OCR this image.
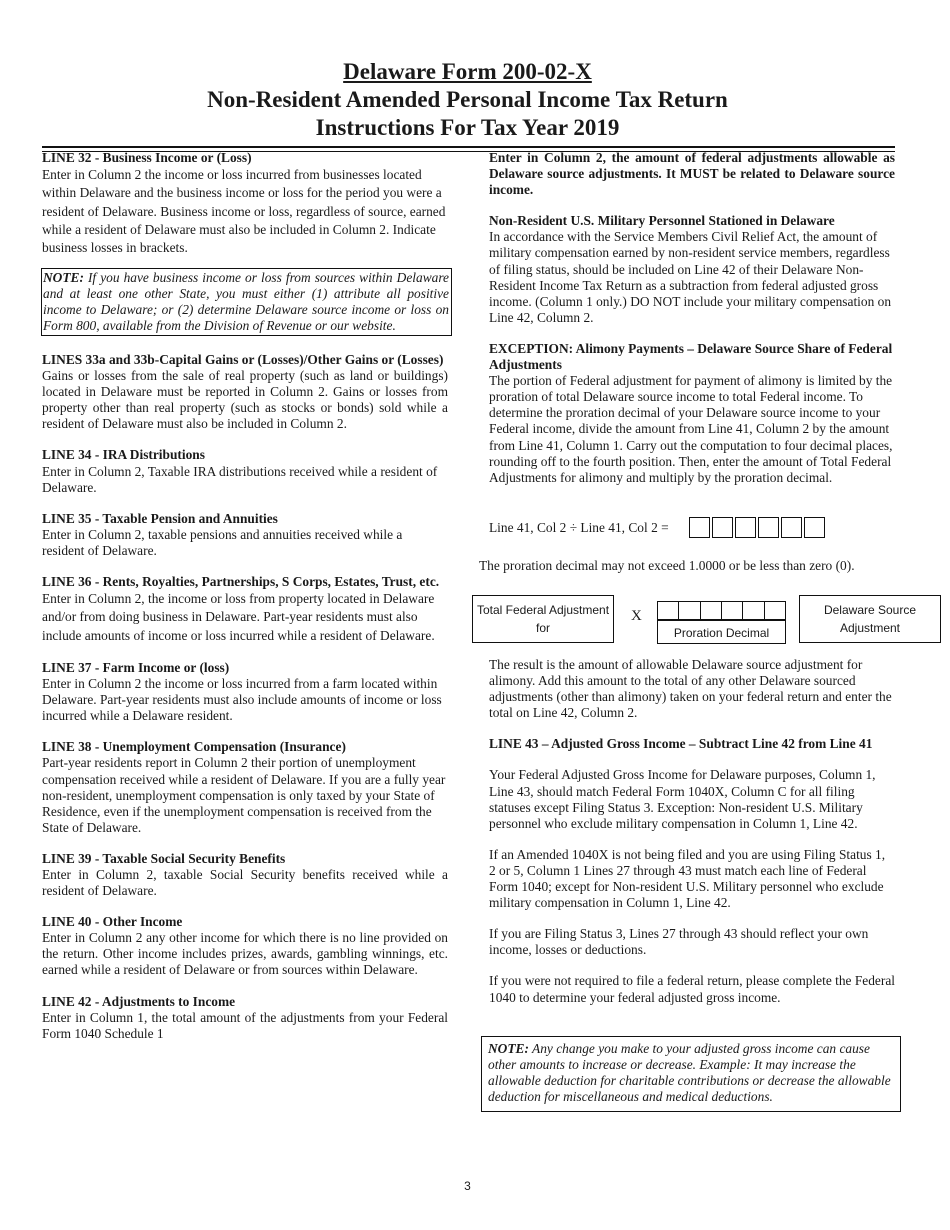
Delaware Form 200-02-X
Non-Resident Amended Personal Income Tax Return
Instructions For Tax Year 2019
LINE 32 - Business Income or (Loss)
Enter in Column 2 the income or loss incurred from businesses located within Delaware and the business income or loss for the period you were a resident of Delaware. Business income or loss, regardless of source, earned while a resident of Delaware must also be included in Column 2. Indicate business losses in brackets.
NOTE: If you have business income or loss from sources within Delaware and at least one other State, you must either (1) attribute all positive income to Delaware; or (2) determine Delaware source income or loss on Form 800, available from the Division of Revenue or our website.
LINES 33a and 33b-Capital Gains or (Losses)/Other Gains or (Losses)
Gains or losses from the sale of real property (such as land or buildings) located in Delaware must be reported in Column 2. Gains or losses from property other than real property (such as stocks or bonds) sold while a resident of Delaware must also be included in Column 2.
LINE 34 - IRA Distributions
Enter in Column 2, Taxable IRA distributions received while a resident of Delaware.
LINE 35 - Taxable Pension and Annuities
Enter in Column 2, taxable pensions and annuities received while a resident of Delaware.
LINE 36 - Rents, Royalties, Partnerships, S Corps, Estates, Trust, etc.
Enter in Column 2, the income or loss from property located in Delaware and/or from doing business in Delaware. Part-year residents must also include amounts of income or loss incurred while a resident of Delaware.
LINE 37 - Farm Income or (loss)
Enter in Column 2 the income or loss incurred from a farm located within Delaware. Part-year residents must also include amounts of income or loss incurred while a Delaware resident.
LINE 38 - Unemployment Compensation (Insurance)
Part-year residents report in Column 2 their portion of unemployment compensation received while a resident of Delaware. If you are a fully year non-resident, unemployment compensation is only taxed by your State of Residence, even if the unemployment compensation is received from the State of Delaware.
LINE 39 - Taxable Social Security Benefits
Enter in Column 2, taxable Social Security benefits received while a resident of Delaware.
LINE 40 - Other Income
Enter in Column 2 any other income for which there is no line provided on the return. Other income includes prizes, awards, gambling winnings, etc. earned while a resident of Delaware or from sources within Delaware.
LINE 42 - Adjustments to Income
Enter in Column 1, the total amount of the adjustments from your Federal Form 1040 Schedule 1
Enter in Column 2, the amount of federal adjustments allowable as Delaware source adjustments. It MUST be related to Delaware source income.
Non-Resident U.S. Military Personnel Stationed in Delaware
In accordance with the Service Members Civil Relief Act, the amount of military compensation earned by non-resident service members, regardless of filing status, should be included on Line 42 of their Delaware Non-Resident Income Tax Return as a subtraction from federal adjusted gross income. (Column 1 only.) DO NOT include your military compensation on Line 42, Column 2.
EXCEPTION: Alimony Payments – Delaware Source Share of Federal Adjustments
The portion of Federal adjustment for payment of alimony is limited by the proration of total Delaware source income to total Federal income. To determine the proration decimal of your Delaware source income to your Federal income, divide the amount from Line 41, Column 2 by the amount from Line 41, Column 1. Carry out the computation to four decimal places, rounding off to the fourth position. Then, enter the amount of Total Federal Adjustments for alimony and multiply by the proration decimal.
Line 41, Col 2 ÷ Line 41, Col 2 =
The proration decimal may not exceed 1.0000 or be less than zero (0).
Total Federal Adjustment for
X
Proration Decimal
Delaware Source Adjustment
The result is the amount of allowable Delaware source adjustment for alimony. Add this amount to the total of any other Delaware sourced adjustments (other than alimony) taken on your federal return and enter the total on Line 42, Column 2.
LINE 43 – Adjusted Gross Income – Subtract Line 42 from Line 41
Your Federal Adjusted Gross Income for Delaware purposes, Column 1, Line 43, should match Federal Form 1040X, Column C for all filing statuses except Filing Status 3. Exception: Non-resident U.S. Military personnel who exclude military compensation in Column 1, Line 42.
If an Amended 1040X is not being filed and you are using Filing Status 1, 2 or 5, Column 1 Lines 27 through 43 must match each line of Federal Form 1040; except for Non-resident U.S. Military personnel who exclude military compensation in Column 1, Line 42.
If you are Filing Status 3, Lines 27 through 43 should reflect your own income, losses or deductions.
If you were not required to file a federal return, please complete the Federal 1040 to determine your federal adjusted gross income.
NOTE: Any change you make to your adjusted gross income can cause other amounts to increase or decrease. Example: It may increase the allowable deduction for charitable contributions or decrease the allowable deduction for miscellaneous and medical deductions.
3
